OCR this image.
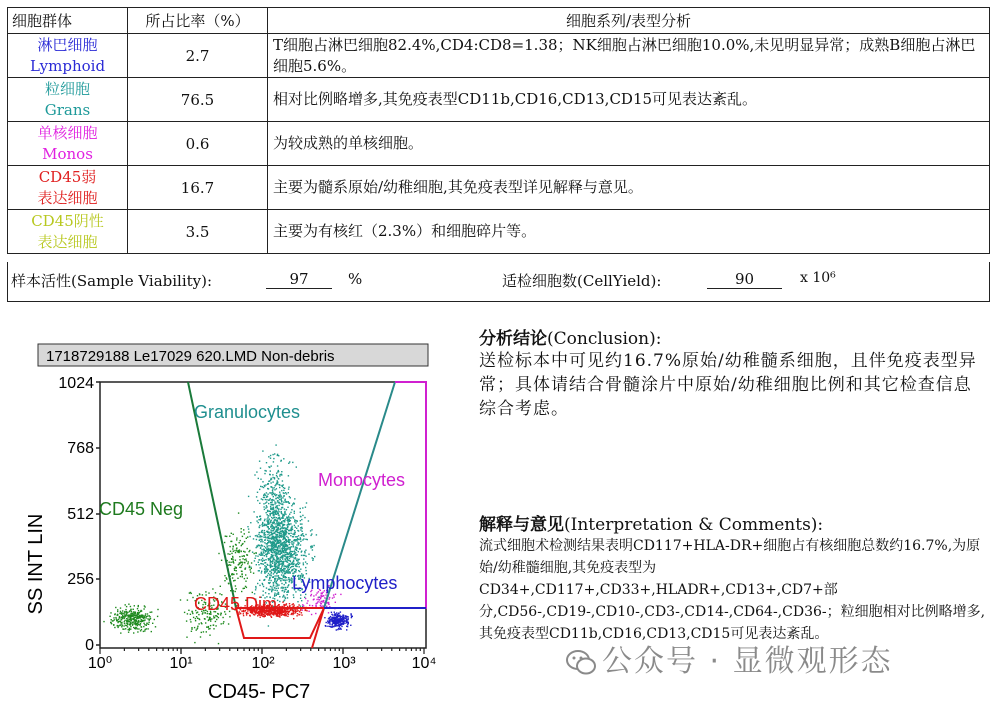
细胞群体	所占比率（%）	细胞系列/表型分析

淋巴细胞
Lymphoid	2.7	T细胞占淋巴细胞82.4%,CD4:CD8=1.38；NK细胞占淋巴细胞10.0%,未见明显异常；成熟B细胞占淋巴细胞5.6%。

粒细胞
Grans	76.5	相对比例略增多,其免疫表型CD11b,CD16,CD13,CD15可见表达紊乱。

单核细胞
Monos	0.6	为较成熟的单核细胞。

CD45弱
表达细胞	16.7	主要为髓系原始/幼稚细胞,其免疫表型详见解释与意见。

CD45阴性
表达细胞	3.5	主要为有核红（2.3%）和细胞碎片等。
样本活性(Sample Viability):	97	%	适检细胞数(CellYield):	90	x 10⁶
1718729188 Le17029 620.LMD Non-debris
Granulocytes
Monocytes
CD45 Neg
Lymphocytes
CD45 Dim
1024
768
512
256
0
10⁰	10¹	10²	10³	10⁴
CD45- PC7
SS INT LIN
分析结论(Conclusion):
送检标本中可见约16.7%原始/幼稚髓系细胞，且伴免疫表型异常；具体请结合骨髓涂片中原始/幼稚细胞比例和其它检查信息综合考虑。
解释与意见(Interpretation & Comments):
流式细胞术检测结果表明CD117+HLA-DR+细胞占有核细胞总数约16.7%,为原始/幼稚髓细胞,其免疫表型为CD34+,CD117+,CD33+,HLADR+,CD13+,CD7+部分,CD56-,CD19-,CD10-,CD3-,CD14-,CD64-,CD36-；粒细胞相对比例略增多,其免疫表型CD11b,CD16,CD13,CD15可见表达紊乱。
公众号 · 显微观形态
